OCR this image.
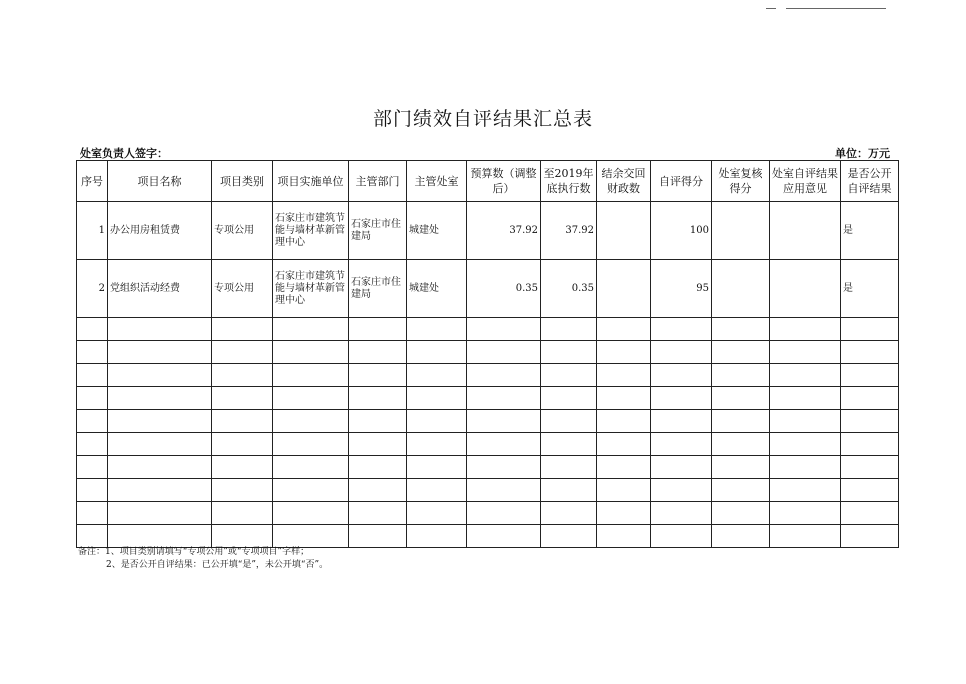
部门绩效自评结果汇总表
处室负责人签字：	单位：万元
序号	项目名称	项目类别	项目实施单位	主管部门	主管处室	预算数（调整后）	至2019年底执行数	结余交回财政数	自评得分	处室复核得分	处室自评结果应用意见	是否公开自评结果
1	办公用房租赁费	专项公用	石家庄市建筑节能与墙材革新管理中心	石家庄市住建局	城建处	37.92	37.92		100			是
2	党组织活动经费	专项公用	石家庄市建筑节能与墙材革新管理中心	石家庄市住建局	城建处	0.35	0.35		95			是

备注：1、项目类别请填写“专项公用”或“专项项目”字样；
2、是否公开自评结果：已公开填“是”，未公开填“否”。
